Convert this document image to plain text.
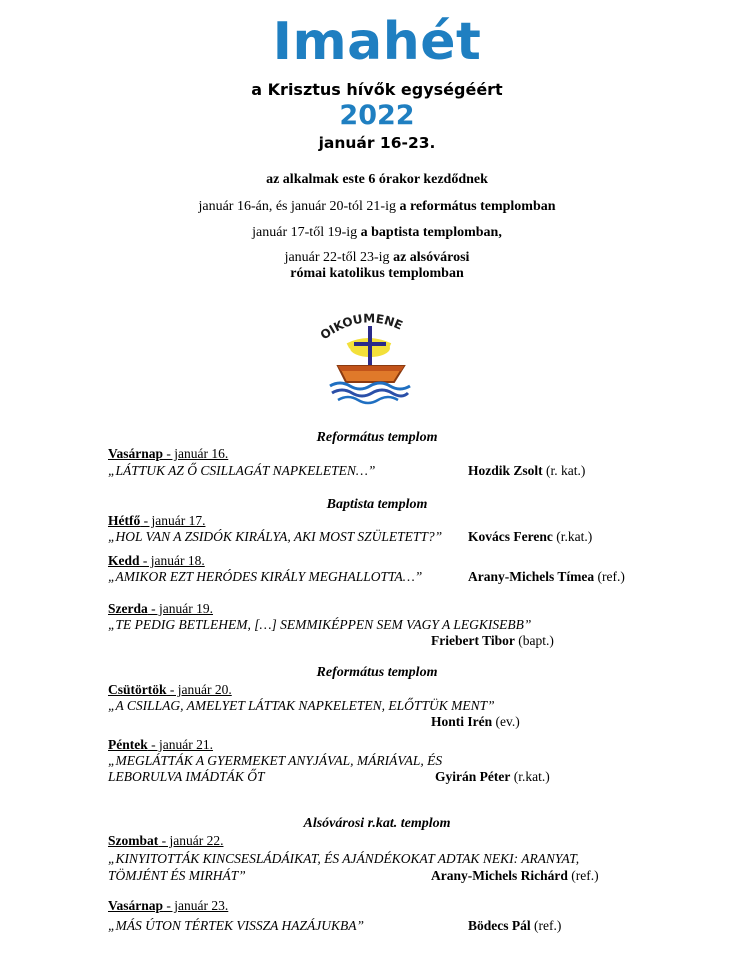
Imahét
a Krisztus hívők egységéért
2022
január 16-23.
az alkalmak este 6 órakor kezdődnek
január 16-án, és január 20-tól 21-ig a református templomban
január 17-től 19-ig a baptista templomban,
január 22-től 23-ig az alsóvárosi
római katolikus templomban
OIKOUMENE
Református templom
Vasárnap - január 16.
„LÁTTUK AZ Ő CSILLAGÁT NAPKELETEN…”	Hozdik Zsolt (r. kat.)
Baptista templom
Hétfő - január 17.
„HOL VAN A ZSIDÓK KIRÁLYA, AKI MOST SZÜLETETT?” Kovács Ferenc (r.kat.)
Kedd - január 18.
„AMIKOR EZT HERÓDES KIRÁLY MEGHALLOTTA…”	Arany-Michels Tímea (ref.)
Szerda - január 19.
„TE PEDIG BETLEHEM, […] SEMMIKÉPPEN SEM VAGY A LEGKISEBB”
Friebert Tibor (bapt.)
Református templom
Csütörtök - január 20.
„A CSILLAG, AMELYET LÁTTAK NAPKELETEN, ELŐTTÜK MENT”
Honti Irén (ev.)
Péntek - január 21.
„MEGLÁTTÁK A GYERMEKET ANYJÁVAL, MÁRIÁVAL, ÉS
LEBORULVA IMÁDTÁK ŐT	Gyirán Péter (r.kat.)
Alsóvárosi r.kat. templom
Szombat - január 22.
„KINYITOTTÁK KINCSESLÁDÁIKAT, ÉS AJÁNDÉKOKAT ADTAK NEKI: ARANYAT,
TÖMJÉNT ÉS MIRHÁT”	Arany-Michels Richárd (ref.)
Vasárnap - január 23.
„MÁS ÚTON TÉRTEK VISSZA HAZÁJUKBA”	Bödecs Pál (ref.)
